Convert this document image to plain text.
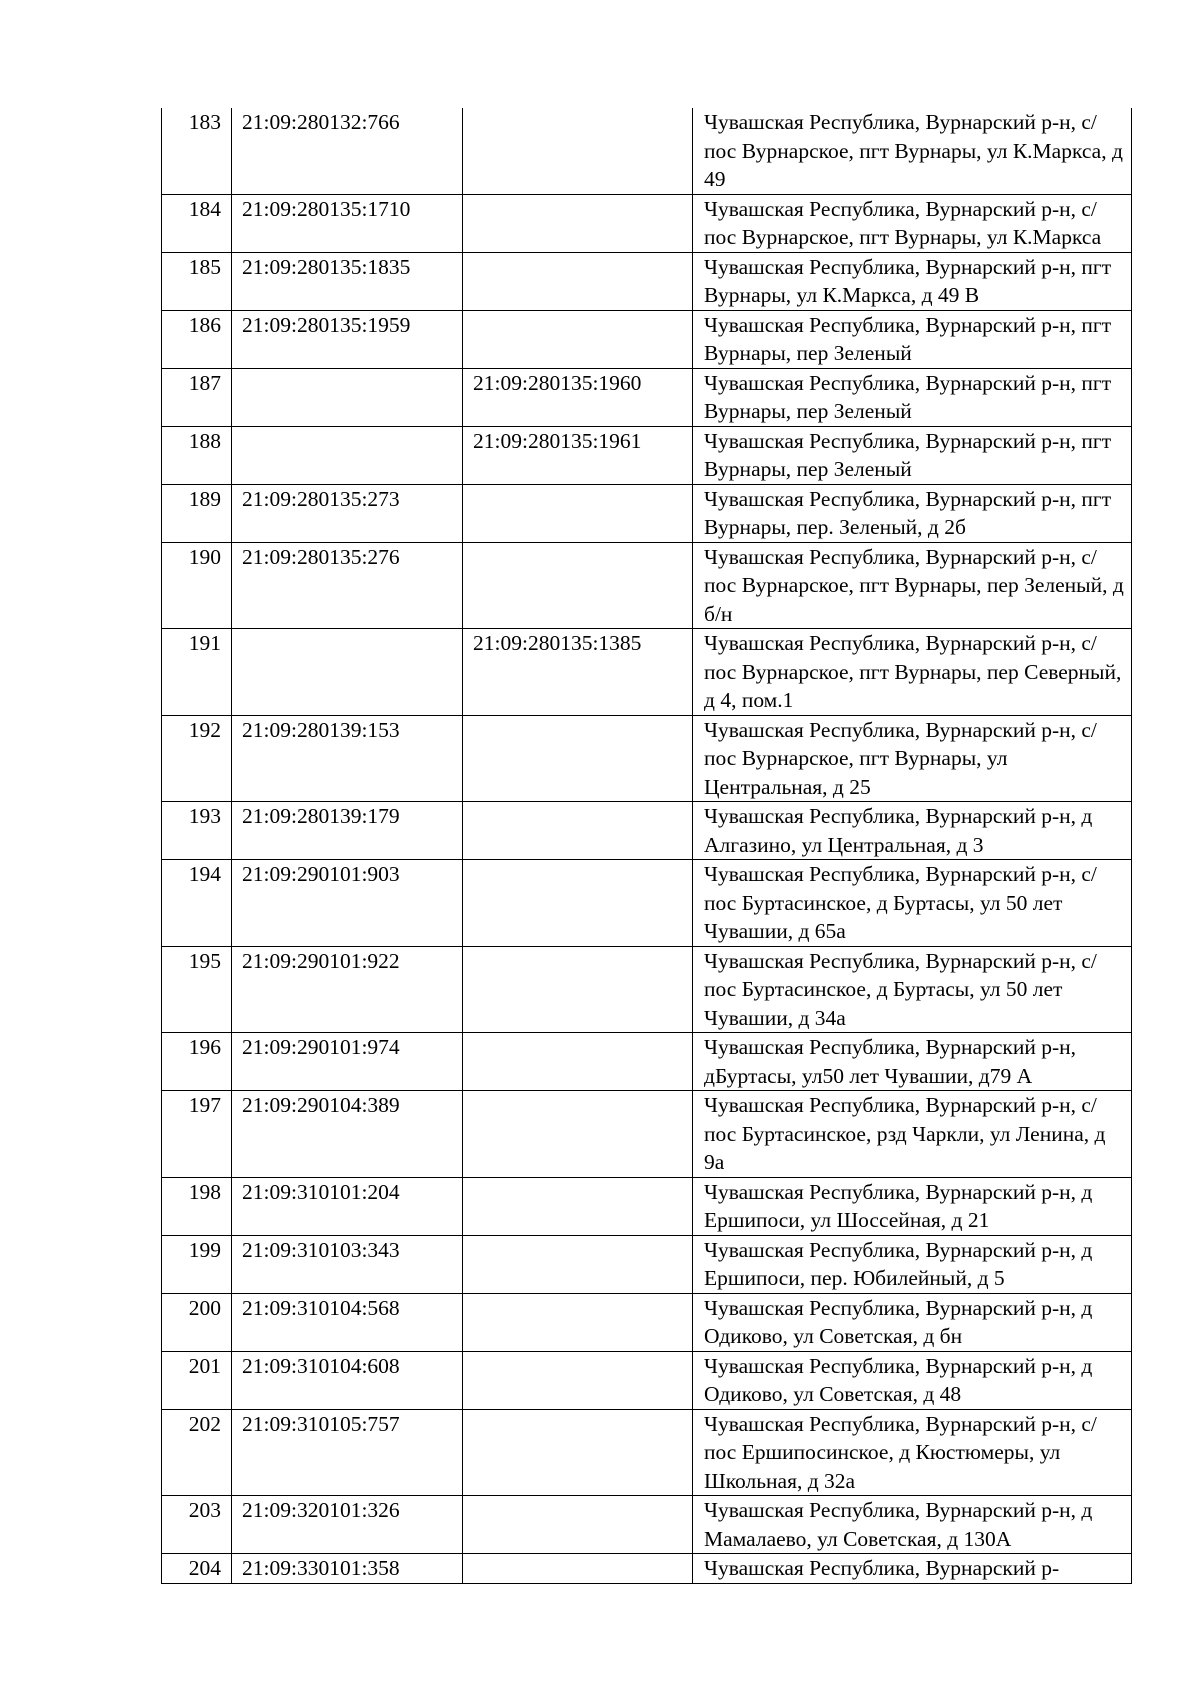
183	21:09:280132:766		Чувашская Республика, Вурнарский р-н, с/пос Вурнарское, пгт Вурнары, ул К.Маркса, д 49
184	21:09:280135:1710		Чувашская Республика, Вурнарский р-н, с/пос Вурнарское, пгт Вурнары, ул К.Маркса
185	21:09:280135:1835		Чувашская Республика, Вурнарский р-н, пгт Вурнары, ул К.Маркса, д 49 В
186	21:09:280135:1959		Чувашская Республика, Вурнарский р-н, пгт Вурнары, пер Зеленый
187		21:09:280135:1960	Чувашская Республика, Вурнарский р-н, пгт Вурнары, пер Зеленый
188		21:09:280135:1961	Чувашская Республика, Вурнарский р-н, пгт Вурнары, пер Зеленый
189	21:09:280135:273		Чувашская Республика, Вурнарский р-н, пгт Вурнары, пер. Зеленый, д 2б
190	21:09:280135:276		Чувашская Республика, Вурнарский р-н, с/пос Вурнарское, пгт Вурнары, пер Зеленый, д б/н
191		21:09:280135:1385	Чувашская Республика, Вурнарский р-н, с/пос Вурнарское, пгт Вурнары, пер Северный, д 4, пом.1
192	21:09:280139:153		Чувашская Республика, Вурнарский р-н, с/пос Вурнарское, пгт Вурнары, ул Центральная, д 25
193	21:09:280139:179		Чувашская Республика, Вурнарский р-н, д Алгазино, ул Центральная, д 3
194	21:09:290101:903		Чувашская Республика, Вурнарский р-н, с/пос Буртасинское, д Буртасы, ул 50 лет Чувашии, д 65а
195	21:09:290101:922		Чувашская Республика, Вурнарский р-н, с/пос Буртасинское, д Буртасы, ул 50 лет Чувашии, д 34а
196	21:09:290101:974		Чувашская Республика, Вурнарский р-н, дБуртасы, ул50 лет Чувашии, д79 А
197	21:09:290104:389		Чувашская Республика, Вурнарский р-н, с/пос Буртасинское, рзд Чаркли, ул Ленина, д 9а
198	21:09:310101:204		Чувашская Республика, Вурнарский р-н, д Ершипоси, ул Шоссейная, д 21
199	21:09:310103:343		Чувашская Республика, Вурнарский р-н, д Ершипоси, пер. Юбилейный, д 5
200	21:09:310104:568		Чувашская Республика, Вурнарский р-н, д Одиково, ул Советская, д бн
201	21:09:310104:608		Чувашская Республика, Вурнарский р-н, д Одиково, ул Советская, д 48
202	21:09:310105:757		Чувашская Республика, Вурнарский р-н, с/пос Ершипосинское, д Кюстюмеры, ул Школьная, д 32а
203	21:09:320101:326		Чувашская Республика, Вурнарский р-н, д Мамалаево, ул Советская, д 130А
204	21:09:330101:358		Чувашская Республика, Вурнарский р-
